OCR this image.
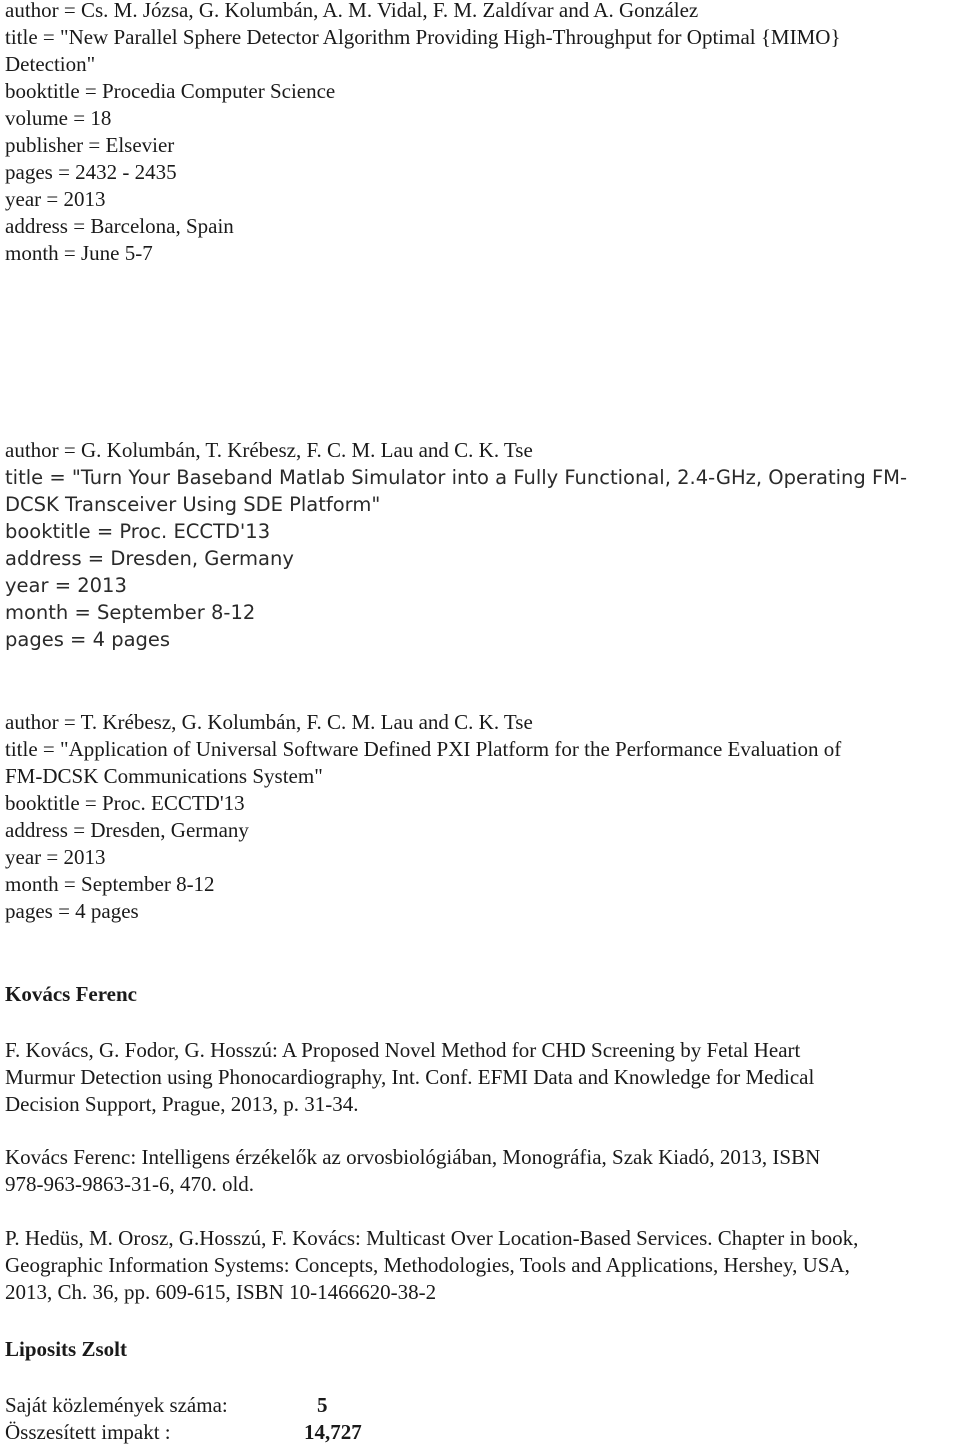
author = Cs. M. Józsa, G. Kolumbán, A. M. Vidal, F. M. Zaldívar and A. González
title = "New Parallel Sphere Detector Algorithm Providing High-Throughput for Optimal {MIMO}
Detection"
booktitle = Procedia Computer Science
volume = 18
publisher = Elsevier
pages = 2432 - 2435
year = 2013
address = Barcelona, Spain
month = June 5-7
author = G. Kolumbán, T. Krébesz, F. C. M. Lau and C. K. Tse
title = "Turn Your Baseband Matlab Simulator into a Fully Functional, 2.4-GHz, Operating FM-
DCSK Transceiver Using SDE Platform"
booktitle = Proc. ECCTD'13
address = Dresden, Germany
year = 2013
month = September 8-12
pages = 4 pages
author = T. Krébesz, G. Kolumbán, F. C. M. Lau and C. K. Tse
title = "Application of Universal Software Defined PXI Platform for the Performance Evaluation of
FM-DCSK Communications System"
booktitle = Proc. ECCTD'13
address = Dresden, Germany
year = 2013
month = September 8-12
pages = 4 pages
Kovács Ferenc
F. Kovács, G. Fodor, G. Hosszú: A Proposed Novel Method for CHD Screening by Fetal Heart
Murmur Detection using Phonocardiography, Int. Conf. EFMI Data and Knowledge for Medical
Decision Support, Prague, 2013, p. 31-34.
Kovács Ferenc: Intelligens érzékelők az orvosbiológiában, Monográfia, Szak Kiadó, 2013, ISBN
978-963-9863-31-6, 470. old.
P. Hedüs, M. Orosz, G.Hosszú, F. Kovács: Multicast Over Location-Based Services. Chapter in book,
Geographic Information Systems: Concepts, Methodologies, Tools and Applications, Hershey, USA,
2013, Ch. 36, pp. 609-615, ISBN 10-1466620-38-2
Liposits Zsolt
Saját közlemények száma:	5
Összesített impakt :	14,727
